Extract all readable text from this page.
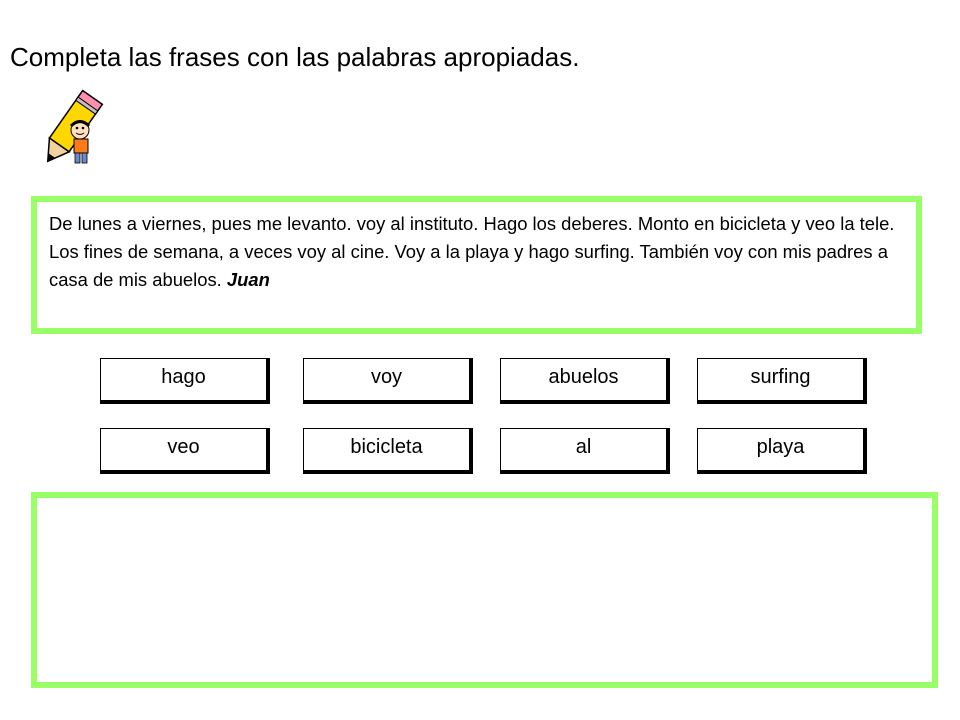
Completa las frases con las palabras apropiadas.

De lunes a viernes, pues me levanto. voy al instituto. Hago los deberes. Monto en bicicleta y veo la tele. Los fines de semana, a veces voy al cine. Voy a la playa y hago surfing. También voy con mis padres a casa de mis abuelos. Juan

hago	voy	abuelos	surfing
veo	bicicleta	al	playa
